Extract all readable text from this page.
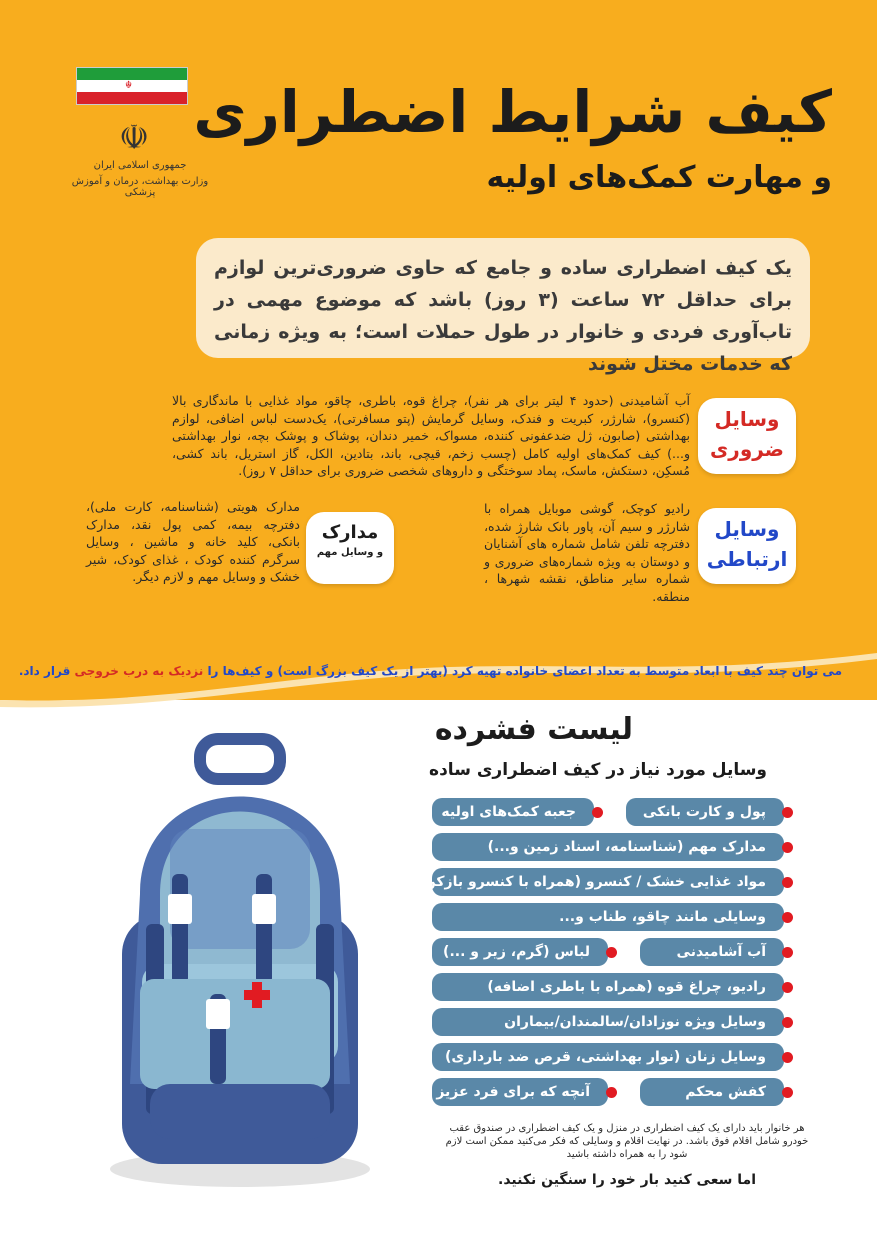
☬
☫
جمهوری اسلامی ایران
وزارت بهداشت، درمان و آموزش پزشکی
کیف شرایط اضطراری
و مهارت کمک‌های اولیه

یک کیف اضطراری ساده و جامع که حاوی ضروری‌ترین لوازم برای حداقل ۷۲ ساعت (۳ روز) باشد که موضوع مهمی در تاب‌آوری فردی و خانوار در طول حملات است؛ به ویژه زمانی که خدمات مختل شوند

وسایل
ضروری

آب آشامیدنی (حدود ۴ لیتر برای هر نفر)، چراغ قوه، باطری، چاقو، مواد غذایی با ماندگاری بالا (کنسرو)، شارژر، کبریت و فندک، وسایل گرمایش (پتو مسافرتی)، یک‌دست لباس اضافی، لوازم بهداشتی (صابون، ژل ضدعفونی کننده، مسواک، خمیر دندان، پوشاک و پوشک بچه، نوار بهداشتی و...) کیف کمک‌های اولیه کامل (چسب زخم، قیچی، باند، بتادین، الکل، گاز استریل، باند کشی، مُسکِن، دستکش، ماسک، پماد سوختگی و داروهای شخصی ضروری برای حداقل ۷ روز).

وسایل
ارتباطی

رادیو کوچک، گوشی موبایل همراه با شارژر و سیم آن، پاور بانک شارژ شده، دفترچه تلفن شامل شماره های آشنایان و دوستان به ویژه شماره‌های ضروری و شماره سایر مناطق، نقشه شهرها ، منطقه.

مدارک
و وسایل مهم

مدارک هویتی (شناسنامه، کارت ملی)، دفترچه بیمه، کمی پول نقد، مدارک بانکی، کلید خانه و ماشین ، وسایل سرگرم کننده کودک ، غذای کودک، شیر خشک و وسایل مهم و لازم دیگر.

می توان چند کیف با ابعاد متوسط به تعداد اعضای خانواده تهیه کرد (بهتر از یک کیف بزرگ است) و کیف‌ها را نزدیک به درب خروجی قرار داد.
لیست فشرده
وسایل مورد نیاز در کیف اضطراری ساده
پول و کارت بانکی
جعبه کمک‌های اولیه
مدارک مهم (شناسنامه، اسناد زمین و...)
مواد غذایی خشک / کنسرو (همراه با کنسرو بازکن)
وسایلی مانند چاقو، طناب و...
آب آشامیدنی
لباس (گرم، زیر و ...)
رادیو، چراغ قوه (همراه با باطری اضافه)
وسایل ویژه نوزادان/سالمندان/بیماران
وسایل زنان (نوار بهداشتی، قرص ضد بارداری)
کفش محکم
آنچه که برای فرد عزیز است

هر خانوار باید دارای یک کیف اضطراری در منزل و یک کیف اضطراری در صندوق عقب خودرو شامل اقلام فوق باشد. در نهایت اقلام و وسایلی که فکر می‌کنید ممکن است لازم شود را به همراه داشته باشید

اما سعی کنید بار خود را سنگین نکنید.
